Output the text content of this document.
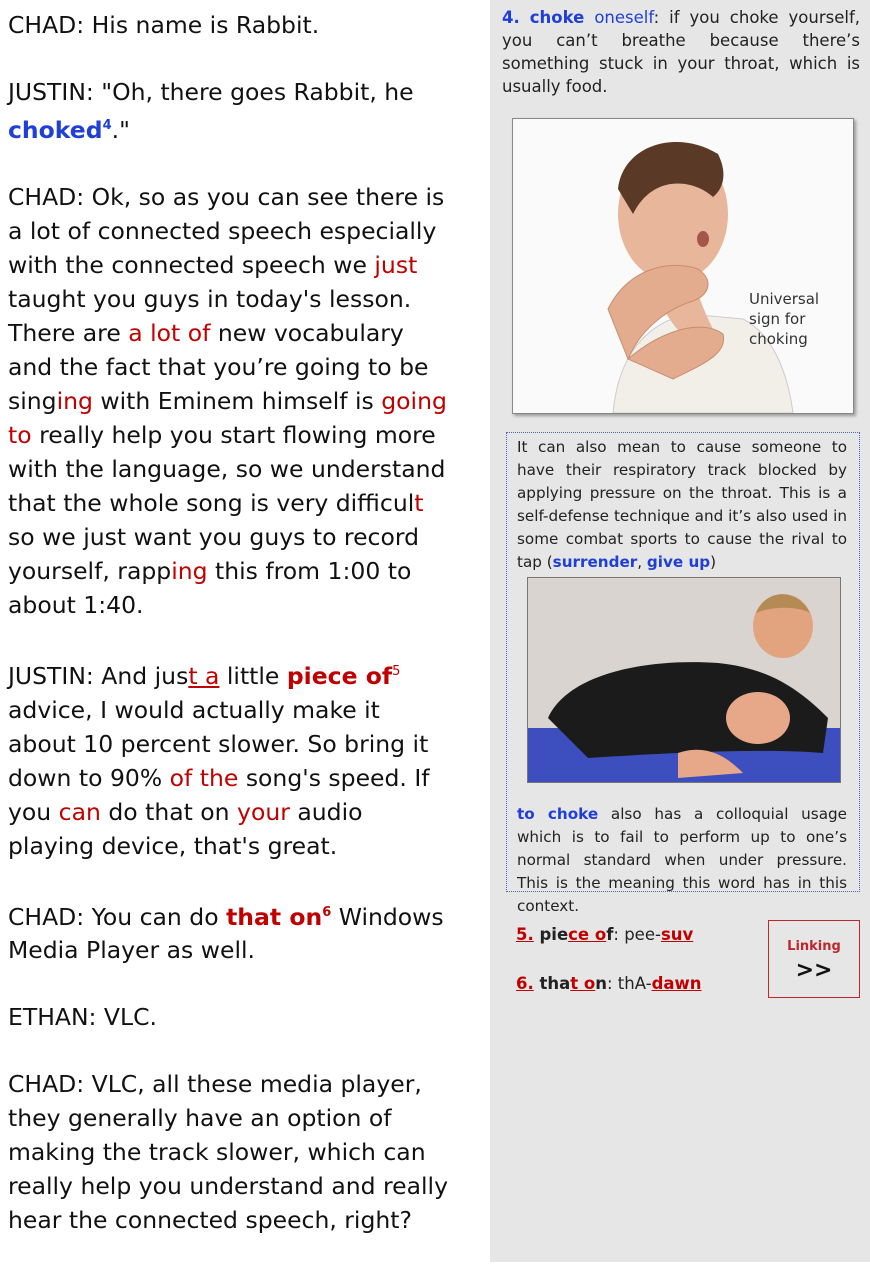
CHAD: His name is Rabbit.

JUSTIN: "Oh, there goes Rabbit, he choked$^4$."

CHAD: Ok, so as you can see there is a lot of connected speech especially with the connected speech we just taught you guys in today's lesson. There are a lot of new vocabulary and the fact that you’re going to be singing with Eminem himself is going to really help you start flowing more with the language, so we understand that the whole song is very difficult so we just want you guys to record yourself, rapping this from 1:00 to about 1:40.

JUSTIN: And just a little piece $of^5$ advice, I would actually make it about 10 percent slower. So bring it down to 90% of the song's speed. If you can do that on your audio playing device, that's great.

CHAD: You can do that $on^6$ Windows Media Player as well.

ETHAN: VLC.

CHAD: VLC, all these media player, they generally have an option of making the track slower, which can really help you understand and really hear the connected speech, right?

4. choke oneself: if you choke yourself, you can’t breathe because there’s something stuck in your throat, which is usually food.
Universal sign for choking
It can also mean to cause someone to have their respiratory track blocked by applying pressure on the throat. This is a self-defense technique and it’s also used in some combat sports to cause the rival to tap (surrender, give up)
to choke also has a colloquial usage which is to fail to perform up to one’s normal standard when under pressure. This is the meaning this word has in this context.
5. piece of: pee-suv
6. that on: thA-dawn
Linking
>>
